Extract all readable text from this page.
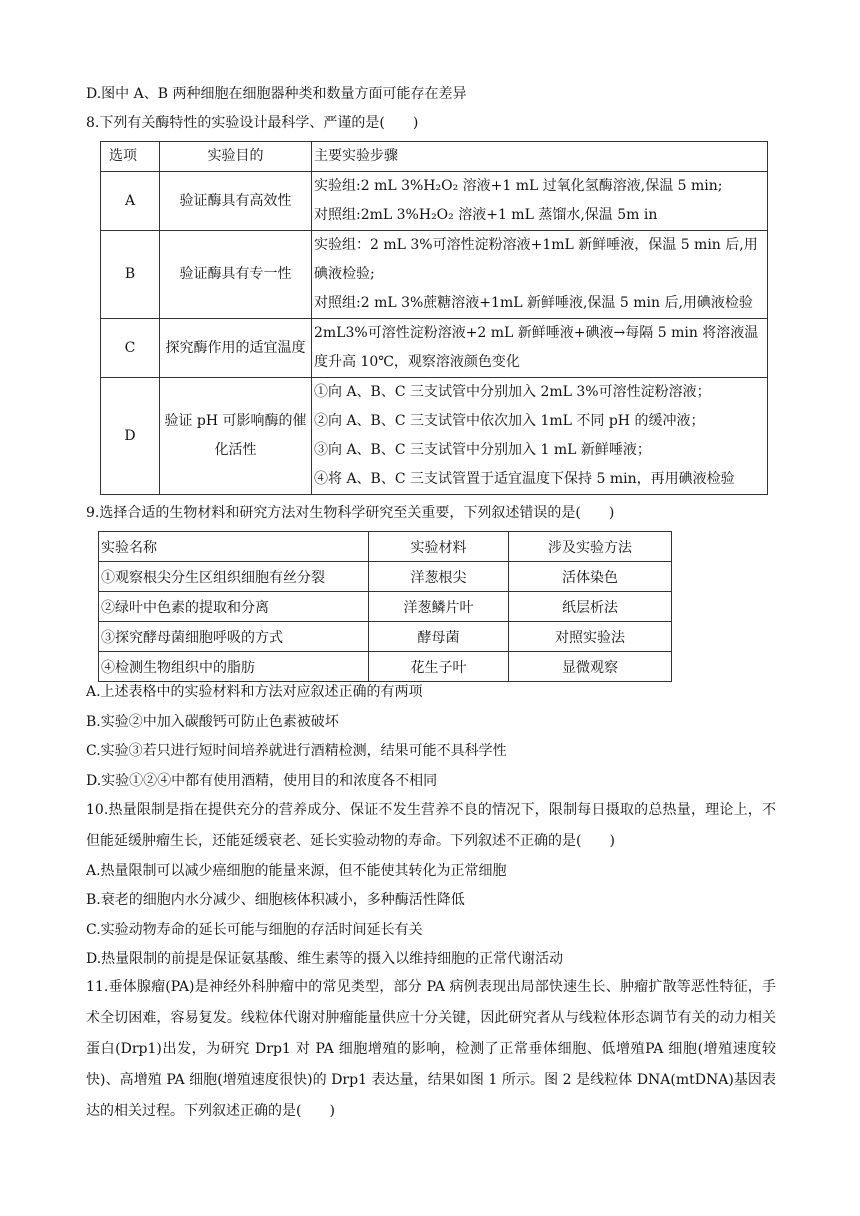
D.图中 A、B 两种细胞在细胞器种类和数量方面可能存在差异
8.下列有关酶特性的实验设计最科学、严谨的是(　　)
选项	实验目的	主要实验步骤
A	验证酶具有高效性	实验组:2 mL 3%H₂O₂ 溶液+1 mL 过氧化氢酶溶液,保温 5 min;
对照组:2mL 3%H₂O₂ 溶液+1 mL 蒸馏水,保温 5m in

B	验证酶具有专一性	实验组：2 mL 3%可溶性淀粉溶液+1mL 新鲜唾液，保温 5 min 后,用碘液检验;
对照组:2 mL 3%蔗糖溶液+1mL 新鲜唾液,保温 5 min 后,用碘液检验

C	探究酶作用的适宜温度	2mL3%可溶性淀粉溶液+2 mL 新鲜唾液+碘液→每隔 5 min 将溶液温度升高 10℃，观察溶液颜色变化

D	验证 pH 可影响酶的催化活性	①向 A、B、C 三支试管中分别加入 2mL 3%可溶性淀粉溶液；
②向 A、B、C 三支试管中依次加入 1mL 不同 pH 的缓冲液；
③向 A、B、C 三支试管中分别加入 1 mL 新鲜唾液；
④将 A、B、C 三支试管置于适宜温度下保持 5 min，再用碘液检验
9.选择合适的生物材料和研究方法对生物科学研究至关重要，下列叙述错误的是(　　)
实验名称	实验材料	涉及实验方法
①观察根尖分生区组织细胞有丝分裂	洋葱根尖	活体染色
②绿叶中色素的提取和分离	洋葱鳞片叶	纸层析法
③探究酵母菌细胞呼吸的方式	酵母菌	对照实验法
④检测生物组织中的脂肪	花生子叶	显微观察
A.上述表格中的实验材料和方法对应叙述正确的有两项
B.实验②中加入碳酸钙可防止色素被破坏
C.实验③若只进行短时间培养就进行酒精检测，结果可能不具科学性
D.实验①②④中都有使用酒精，使用目的和浓度各不相同
10.热量限制是指在提供充分的营养成分、保证不发生营养不良的情况下，限制每日摄取的总热量，理论上，不但能延缓肿瘤生长，还能延缓衰老、延长实验动物的寿命。下列叙述不正确的是(　　)
A.热量限制可以减少癌细胞的能量来源，但不能使其转化为正常细胞
B.衰老的细胞内水分减少、细胞核体积减小，多种酶活性降低
C.实验动物寿命的延长可能与细胞的存活时间延长有关
D.热量限制的前提是保证氨基酸、维生素等的摄入以维持细胞的正常代谢活动
11.垂体腺瘤(PA)是神经外科肿瘤中的常见类型，部分 PA 病例表现出局部快速生长、肿瘤扩散等恶性特征，手术全切困难，容易复发。线粒体代谢对肿瘤能量供应十分关键，因此研究者从与线粒体形态调节有关的动力相关蛋白(Drp1)出发，为研究 Drp1 对 PA 细胞增殖的影响，检测了正常垂体细胞、低增殖PA 细胞(增殖速度较快)、高增殖 PA 细胞(增殖速度很快)的 Drp1 表达量，结果如图 1 所示。图 2 是线粒体 DNA(mtDNA)基因表达的相关过程。下列叙述正确的是(　　)
